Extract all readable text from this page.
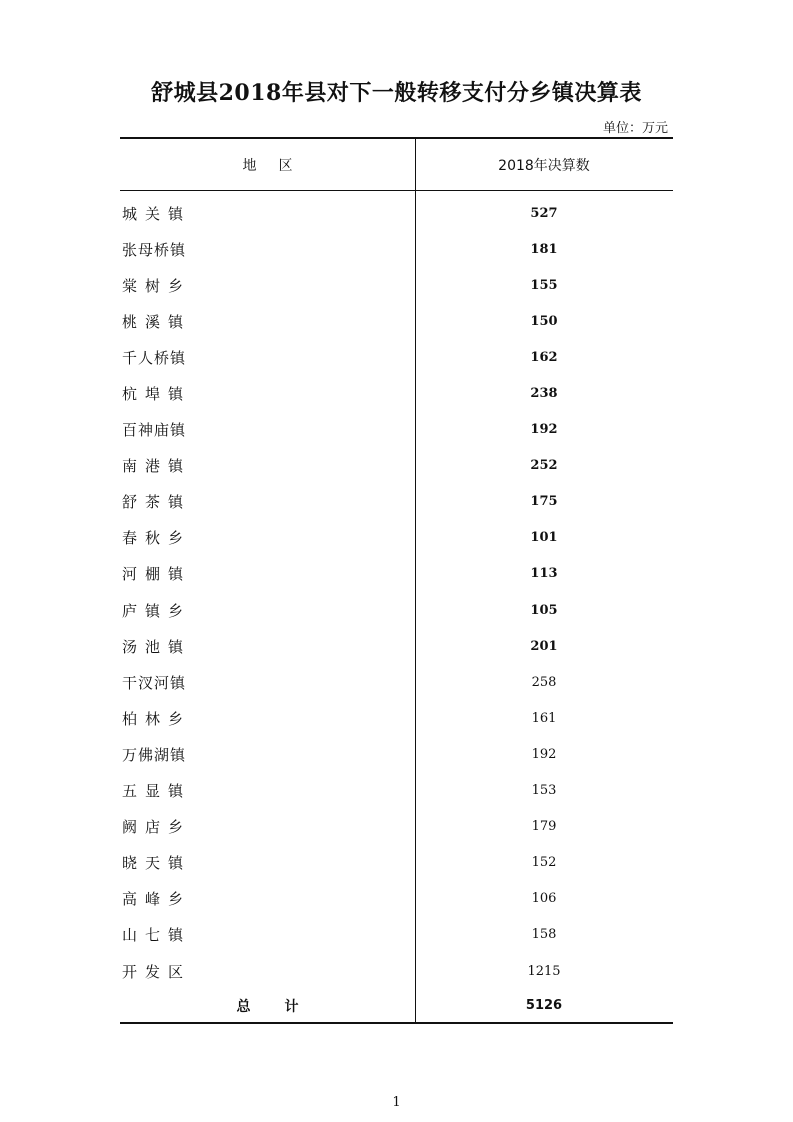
舒城县2018年县对下一般转移支付分乡镇决算表
单位：万元
地区	2018年决算数
城关镇	527
张母桥镇	181
棠树乡	155
桃溪镇	150
千人桥镇	162
杭埠镇	238
百神庙镇	192
南港镇	252
舒茶镇	175
春秋乡	101
河棚镇	113
庐镇乡	105
汤池镇	201
干汊河镇	258
柏林乡	161
万佛湖镇	192
五显镇	153
阙店乡	179
晓天镇	152
高峰乡	106
山七镇	158
开发区	1215
总计	5126
1
